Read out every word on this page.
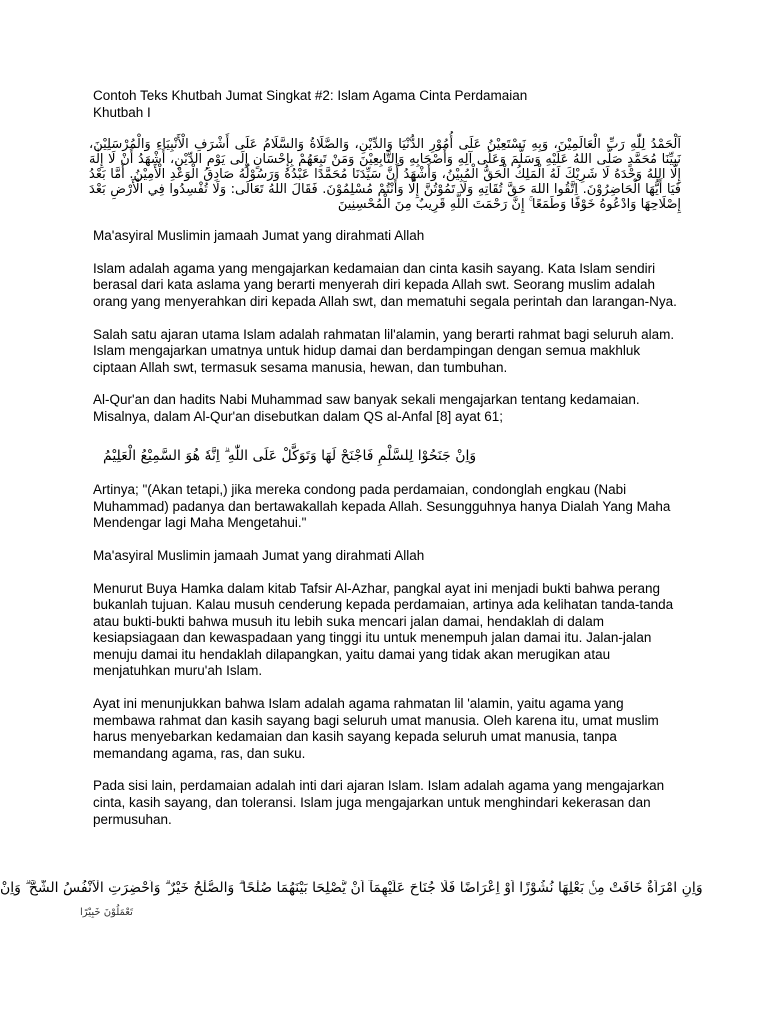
Contoh Teks Khutbah Jumat Singkat #2: Islam Agama Cinta Perdamaian
Khutbah I
اَلْحَمْدُ لِلّٰهِ رَبِّ الْعَالَمِيْنَ، وَبِهِ نَسْتَعِيْنُ عَلَى أُمُوْرِ الدُّنْيَا وَالدِّيْنِ، وَالصَّلَاةُ وَالسَّلَامُ عَلَى أَشْرَفِ الْأَنْبِيَاءِ وَالْمُرْسَلِيْنَ، نَبِيِّنَا مُحَمَّدٍ صَلَّى اللهُ عَلَيْهِ وَسَلَّمَ وَعَلَى آلِهِ وَأَصْحَابِهِ وَالتَّابِعِيْنَ وَمَنْ تَبِعَهُمْ بِإِحْسَانٍ إِلَى يَوْمِ الدِّيْنِ، أَشْهَدُ أَنْ لَا إِلٰهَ إِلَّا اللهُ وَحْدَهُ لَا شَرِيْكَ لَهُ الْمَلِكُ الْحَقُّ الْمُبِيْنُ، وَأَشْهَدُ أَنَّ سَيِّدَنَا مُحَمَّدًا عَبْدُهُ وَرَسُوْلُهُ صَادِقُ الْوَعْدِ الْأَمِيْنُ. أَمَّا بَعْدُ فَيَا أَيُّهَا الْحَاضِرُوْنَ. اِتَّقُوا اللهَ حَقَّ تُقَاتِهِ وَلَا تَمُوْتُنَّ إِلَّا وَأَنْتُمْ مُسْلِمُوْنَ. فَقَالَ اللهُ تَعَالَى: وَلَا تُفْسِدُوا فِي الْأَرْضِ بَعْدَ إِصْلَاحِهَا وَادْعُوهُ خَوْفًا وَطَمَعًا ۚ إِنَّ رَحْمَتَ اللَّهِ قَرِيبٌ مِنَ الْمُحْسِنِينَ

Ma'asyiral Muslimin jamaah Jumat yang dirahmati Allah

Islam adalah agama yang mengajarkan kedamaian dan cinta kasih sayang. Kata Islam sendiri berasal dari kata aslama yang berarti menyerah diri kepada Allah swt. Seorang muslim adalah orang yang menyerahkan diri kepada Allah swt, dan mematuhi segala perintah dan larangan-Nya.

Salah satu ajaran utama Islam adalah rahmatan lil'alamin, yang berarti rahmat bagi seluruh alam. Islam mengajarkan umatnya untuk hidup damai dan berdampingan dengan semua makhluk ciptaan Allah swt, termasuk sesama manusia, hewan, dan tumbuhan.

Al-Qur'an dan hadits Nabi Muhammad saw banyak sekali mengajarkan tentang kedamaian. Misalnya, dalam Al-Qur'an disebutkan dalam QS al-Anfal [8] ayat 61;

وَاِنْ جَنَحُوْا لِلسَّلْمِ فَاجْنَحْ لَهَا وَتَوَكَّلْ عَلَى اللّٰهِ ۗ اِنَّهٗ هُوَ السَّمِيْعُ الْعَلِيْمُ

Artinya; "(Akan tetapi,) jika mereka condong pada perdamaian, condonglah engkau (Nabi Muhammad) padanya dan bertawakallah kepada Allah. Sesungguhnya hanya Dialah Yang Maha Mendengar lagi Maha Mengetahui."

Ma'asyiral Muslimin jamaah Jumat yang dirahmati Allah

Menurut Buya Hamka dalam kitab Tafsir Al-Azhar, pangkal ayat ini menjadi bukti bahwa perang bukanlah tujuan. Kalau musuh cenderung kepada perdamaian, artinya ada kelihatan tanda-tanda atau bukti-bukti bahwa musuh itu lebih suka mencari jalan damai, hendaklah di dalam kesiapsiagaan dan kewaspadaan yang tinggi itu untuk menempuh jalan damai itu. Jalan-jalan menuju damai itu hendaklah dilapangkan, yaitu damai yang tidak akan merugikan atau menjatuhkan muru'ah Islam.

Ayat ini menunjukkan bahwa Islam adalah agama rahmatan lil 'alamin, yaitu agama yang membawa rahmat dan kasih sayang bagi seluruh umat manusia. Oleh karena itu, umat muslim harus menyebarkan kedamaian dan kasih sayang kepada seluruh umat manusia, tanpa memandang agama, ras, dan suku.

Pada sisi lain, perdamaian adalah inti dari ajaran Islam. Islam adalah agama yang mengajarkan cinta, kasih sayang, dan toleransi. Islam juga mengajarkan untuk menghindari kekerasan dan permusuhan.

وَاِنِ امْرَاَةٌ خَافَتْ مِنْۢ بَعْلِهَا نُشُوْزًا اَوْ اِعْرَاضًا فَلَا جُنَاحَ عَلَيْهِمَآ اَنْ يُّصْلِحَا بَيْنَهُمَا صُلْحًا ۗ وَالصُّلْحُ خَيْرٌ ۗ وَاُحْضِرَتِ الْاَنْفُسُ الشُّحَّ ۗ وَاِنْ
تَعْمَلُوْنَ خَبِيْرًا
